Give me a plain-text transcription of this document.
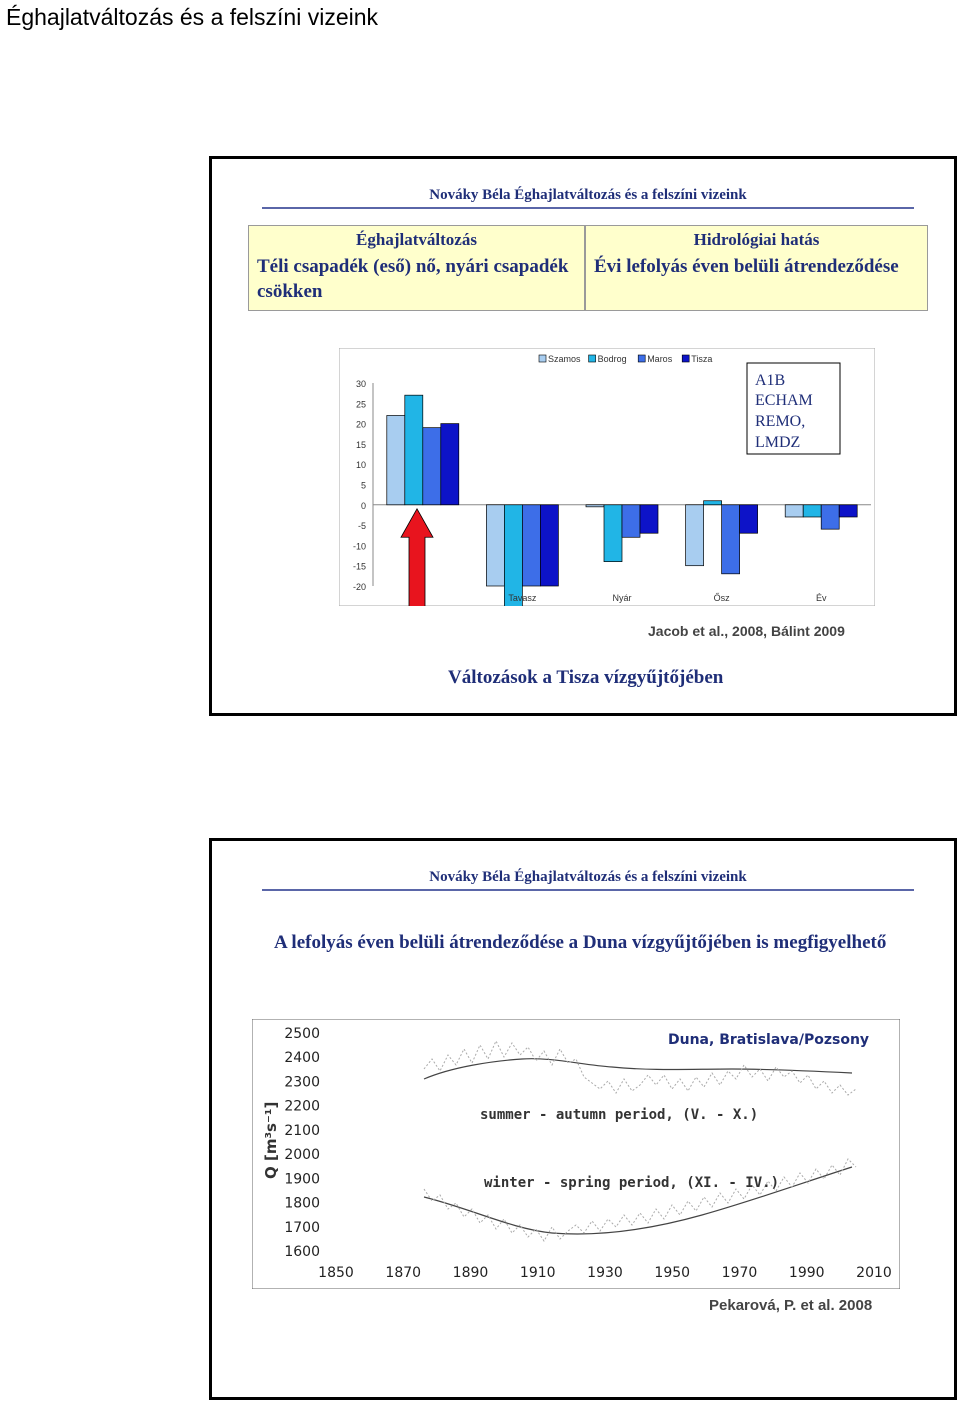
Éghajlatváltozás és a felszíni vizeink
Nováky Béla Éghajlatváltozás és a felszíni vizeink
Éghajlatváltozás
Téli csapadék (eső) nő, nyári csapadék csökken
Hidrológiai hatás
Évi lefolyás éven belüli átrendeződése
30
25
20
15
10
5
0
-5
-10
-15
-20
Tavasz	Nyár	Ősz	Év
Szamos Bodrog Maros Tisza
A1B
ECHAM
REMO,
LMDZ
Jacob et al., 2008, Bálint 2009
Változások a Tisza vízgyűjtőjében
Nováky Béla Éghajlatváltozás és a felszíni vizeink
A lefolyás éven belüli átrendeződése a Duna vízgyűjtőjében is megfigyelhető
2500
2400
2300
2200
2100
2000
1900
1800
1700
1600
1850 1870 1890 1910 1930 1950 1970 1990 2010
Duna, Bratislava/Pozsony
summer - autumn period, (V. - X.)
winter - spring period, (XI. - IV.)
Q [m³s⁻¹]
Pekarová, P. et al. 2008
